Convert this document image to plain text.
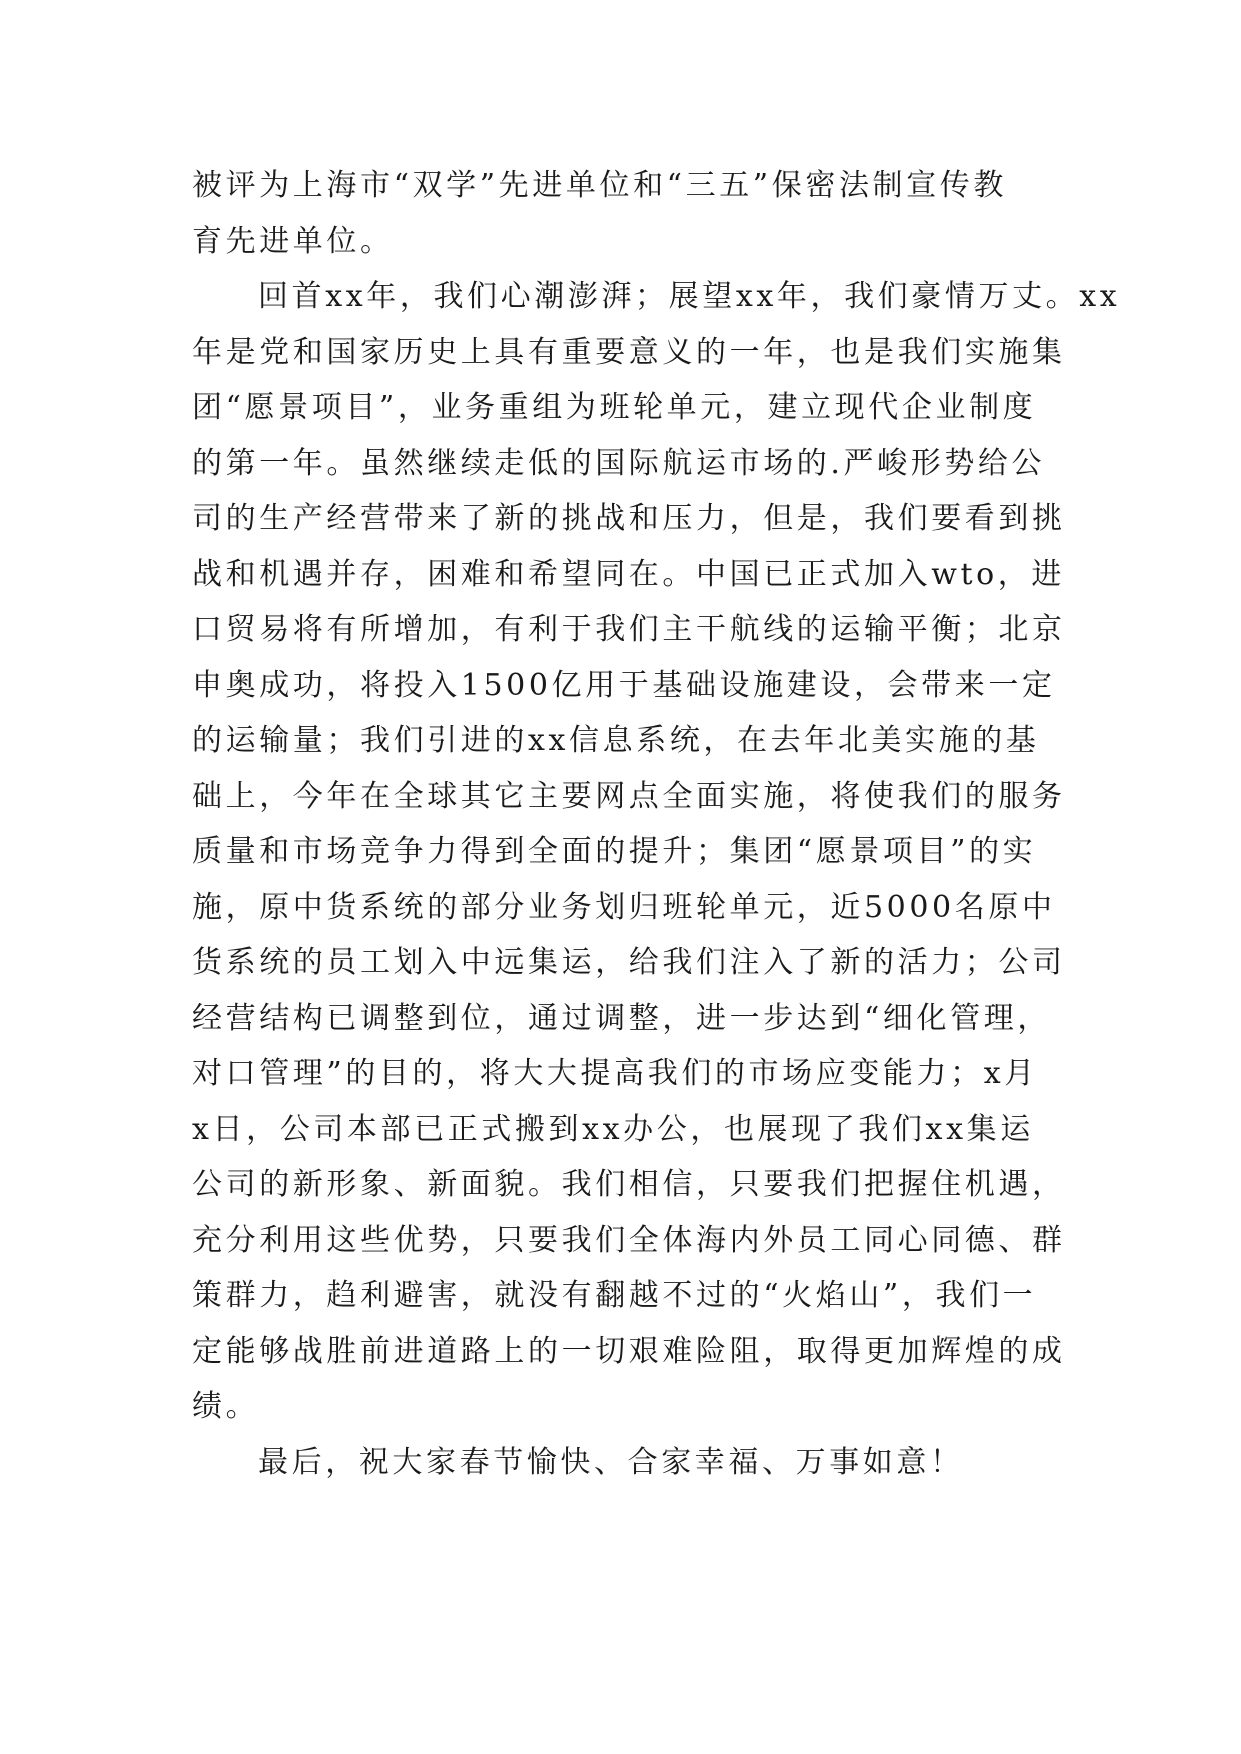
被评为上海市“双学”先进单位和“三五”保密法制宣传教
育先进单位。
回首xx年，我们心潮澎湃；展望xx年，我们豪情万丈。xx
年是党和国家历史上具有重要意义的一年，也是我们实施集
团“愿景项目”，业务重组为班轮单元，建立现代企业制度
的第一年。虽然继续走低的国际航运市场的.严峻形势给公
司的生产经营带来了新的挑战和压力，但是，我们要看到挑
战和机遇并存，困难和希望同在。中国已正式加入wto，进
口贸易将有所增加，有利于我们主干航线的运输平衡；北京
申奥成功，将投入1500亿用于基础设施建设，会带来一定
的运输量；我们引进的xx信息系统，在去年北美实施的基
础上，今年在全球其它主要网点全面实施，将使我们的服务
质量和市场竞争力得到全面的提升；集团“愿景项目”的实
施，原中货系统的部分业务划归班轮单元，近5000名原中
货系统的员工划入中远集运，给我们注入了新的活力；公司
经营结构已调整到位，通过调整，进一步达到“细化管理，
对口管理”的目的，将大大提高我们的市场应变能力；x月
x日，公司本部已正式搬到xx办公，也展现了我们xx集运
公司的新形象、新面貌。我们相信，只要我们把握住机遇，
充分利用这些优势，只要我们全体海内外员工同心同德、群
策群力，趋利避害，就没有翻越不过的“火焰山”，我们一
定能够战胜前进道路上的一切艰难险阻，取得更加辉煌的成
绩。
最后，祝大家春节愉快、合家幸福、万事如意！
